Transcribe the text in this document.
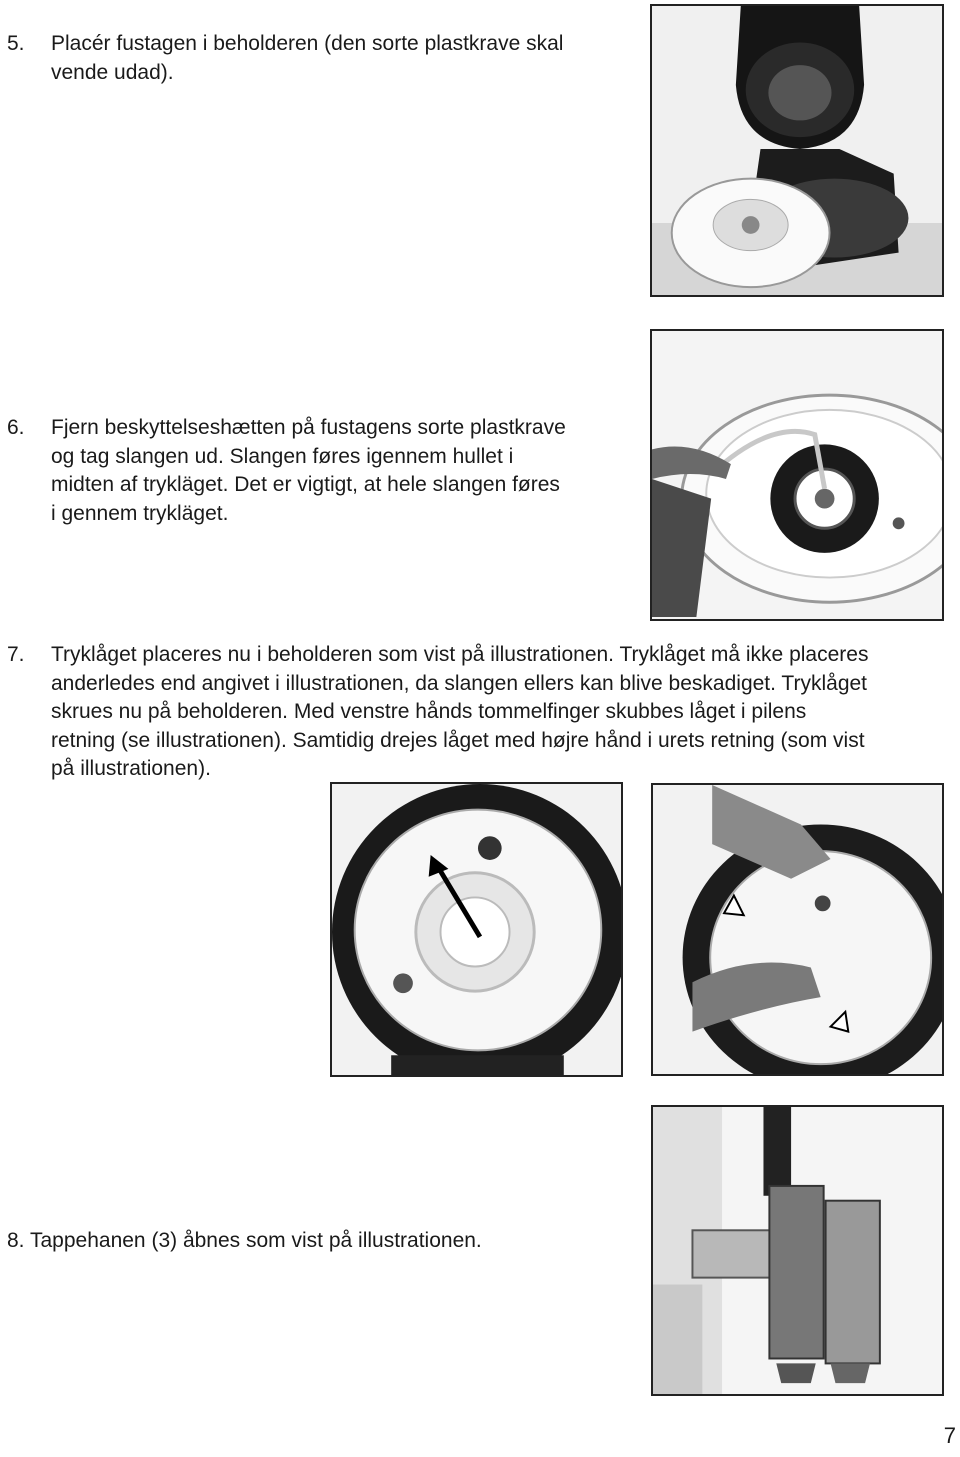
5. Placér fustagen i beholderen (den sorte plastkrave skal
vende udad).
6. Fjern beskyttelseshætten på fustagens sorte plastkrave
og tag slangen ud. Slangen føres igennem hullet i
midten af trykläget. Det er vigtigt, at hele slangen føres
i gennem trykläget.
7. Tryklåget placeres nu i beholderen som vist på illustrationen. Tryklåget må ikke placeres
anderledes end angivet i illustrationen, da slangen ellers kan blive beskadiget. Tryklåget
skrues nu på beholderen. Med venstre hånds tommelfinger skubbes låget i pilens
retning (se illustrationen). Samtidig drejes låget med højre hånd i urets retning (som vist
på illustrationen).
8. Tappehanen (3) åbnes som vist på illustrationen.
7
